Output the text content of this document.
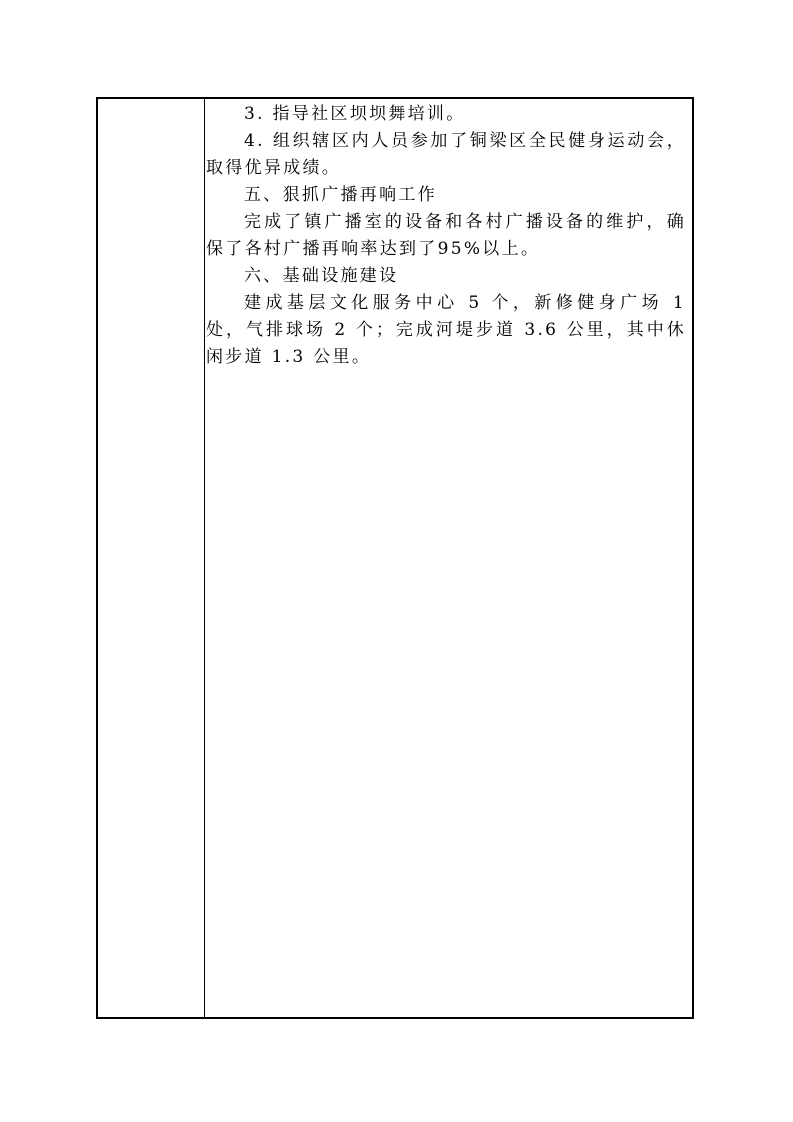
3. 指导社区坝坝舞培训。

4. 组织辖区内人员参加了铜梁区全民健身运动会，取得优异成绩。

五、狠抓广播再响工作

完成了镇广播室的设备和各村广播设备的维护，确保了各村广播再响率达到了95%以上。

六、基础设施建设

建成基层文化服务中心 5 个，新修健身广场 1 处，气排球场 2 个；完成河堤步道 3.6 公里，其中休闲步道 1.3 公里。
